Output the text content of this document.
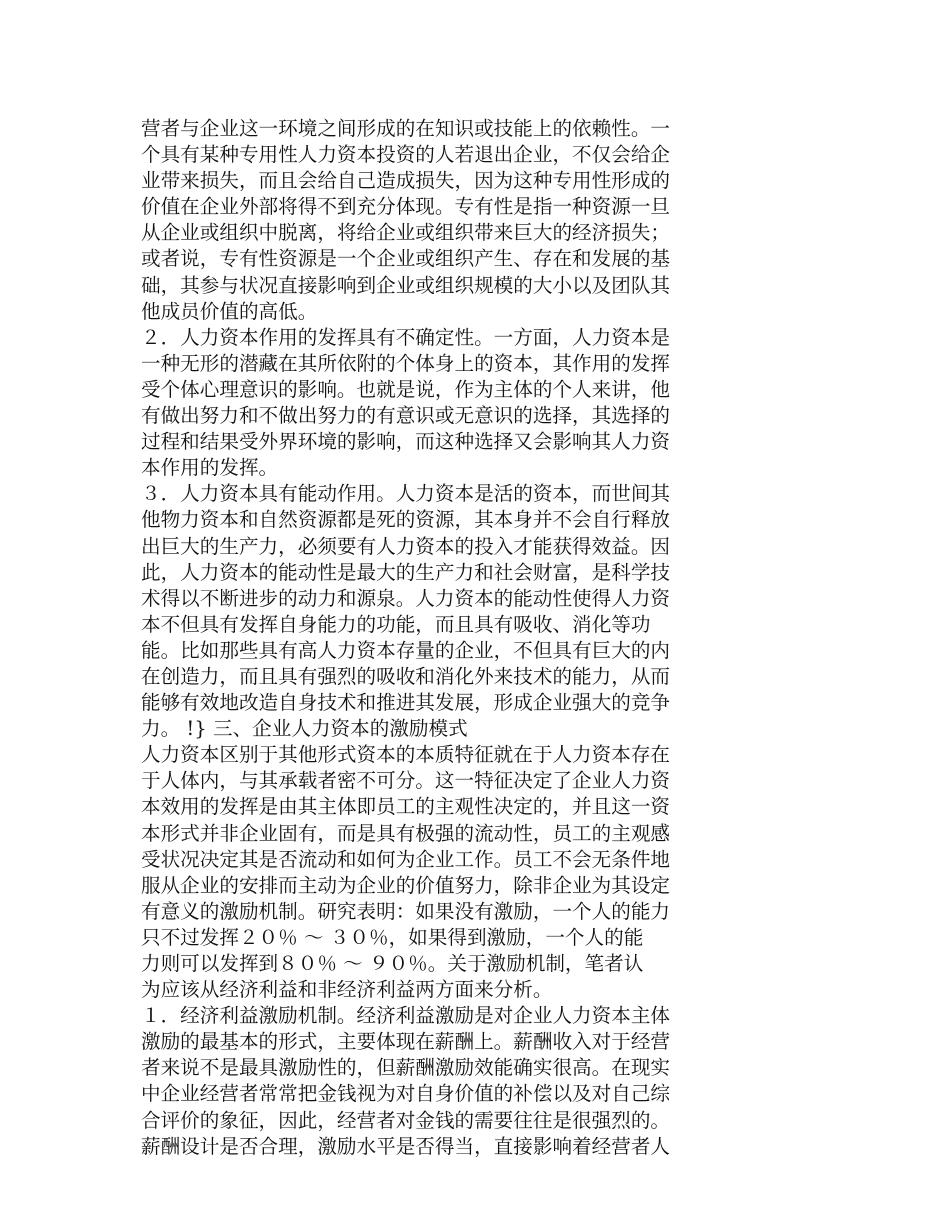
营者与企业这一环境之间形成的在知识或技能上的依赖性。一
个具有某种专用性人力资本投资的人若退出企业，不仅会给企
业带来损失，而且会给自己造成损失，因为这种专用性形成的
价值在企业外部将得不到充分体现。专有性是指一种资源一旦
从企业或组织中脱离，将给企业或组织带来巨大的经济损失；
或者说，专有性资源是一个企业或组织产生、存在和发展的基
础，其参与状况直接影响到企业或组织规模的大小以及团队其
他成员价值的高低。
２．人力资本作用的发挥具有不确定性。一方面，人力资本是
一种无形的潜藏在其所依附的个体身上的资本，其作用的发挥
受个体心理意识的影响。也就是说，作为主体的个人来讲，他
有做出努力和不做出努力的有意识或无意识的选择，其选择的
过程和结果受外界环境的影响，而这种选择又会影响其人力资
本作用的发挥。
３．人力资本具有能动作用。人力资本是活的资本，而世间其
他物力资本和自然资源都是死的资源，其本身并不会自行释放
出巨大的生产力，必须要有人力资本的投入才能获得效益。因
此，人力资本的能动性是最大的生产力和社会财富，是科学技
术得以不断进步的动力和源泉。人力资本的能动性使得人力资
本不但具有发挥自身能力的功能，而且具有吸收、消化等功
能。比如那些具有高人力资本存量的企业，不但具有巨大的内
在创造力，而且具有强烈的吸收和消化外来技术的能力，从而
能够有效地改造自身技术和推进其发展，形成企业强大的竞争
力。 !} 三、企业人力资本的激励模式
人力资本区别于其他形式资本的本质特征就在于人力资本存在
于人体内，与其承载者密不可分。这一特征决定了企业人力资
本效用的发挥是由其主体即员工的主观性决定的，并且这一资
本形式并非企业固有，而是具有极强的流动性，员工的主观感
受状况决定其是否流动和如何为企业工作。员工不会无条件地
服从企业的安排而主动为企业的价值努力，除非企业为其设定
有意义的激励机制。研究表明：如果没有激励，一个人的能力
只不过发挥２０％ ～ ３０％，如果得到激励，一个人的能
力则可以发挥到８０％ ～ ９０％。关于激励机制，笔者认
为应该从经济利益和非经济利益两方面来分析。
１．经济利益激励机制。经济利益激励是对企业人力资本主体
激励的最基本的形式，主要体现在薪酬上。薪酬收入对于经营
者来说不是最具激励性的，但薪酬激励效能确实很高。在现实
中企业经营者常常把金钱视为对自身价值的补偿以及对自己综
合评价的象征，因此，经营者对金钱的需要往往是很强烈的。
薪酬设计是否合理，激励水平是否得当，直接影响着经营者人
